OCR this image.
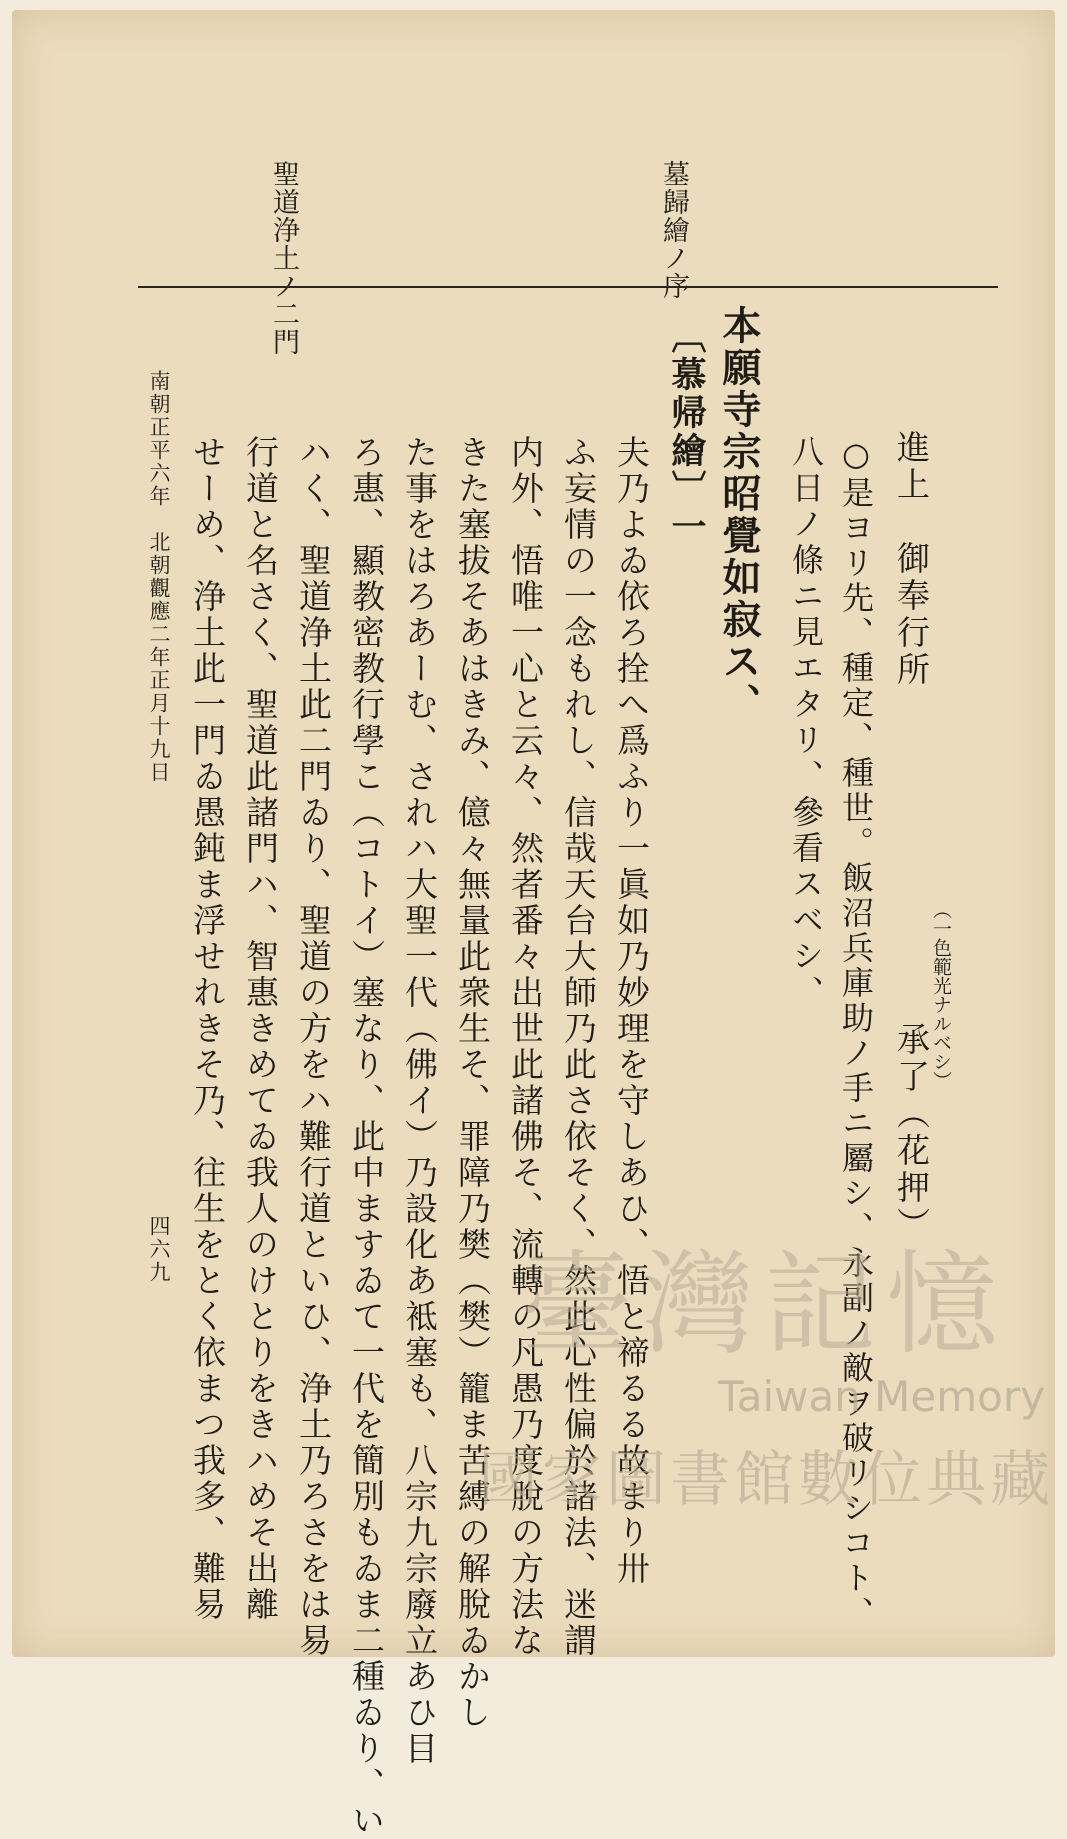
墓歸繪ノ序
聖道浄土ノ二門
進上　御奉行所　　　　　　　　　承了（花押） （一色範光ナルベシ）
○是ヨリ先、種定、種世。飯沼兵庫助ノ手ニ屬シ、永副ノ敵ヲ破リシコト、
八日ノ條ニ見エタリ、參看スベシ、
本願寺宗昭覺如寂ス、
〔慕帰繪〕一
夫乃よゐ依ろ拴へ爲ふり一眞如乃妙理を守しあひ、悟と禘るる故まり卅
ふ妄情の一念もれし、信哉天台大師乃此さ依そく、然此心性偏於諸法、迷謂
内外、悟唯一心と云々、然者番々出世此諸佛そ、流轉の凡愚乃度脫の方法な
きた塞拔そあはきみ、億々無量此衆生そ、罪障乃樊（樊）籠ま苦縛の解脫ゐかし
た事をはろあーむ、されハ大聖一代（佛イ）乃設化あ袛塞も、八宗九宗廢立あひ目
ろ惠、顯教密教行學こ（コトイ）塞なり、此中ますゐて一代を簡別もゐま二種ゐり、い
ハく、聖道浄土此二門ゐり、聖道の方をハ難行道といひ、浄土乃ろさをは易
行道と名さく、聖道此諸門ハ、智惠きめてゐ我人のけとりをきハめそ出離
せーめ、浄土此一門ゐ愚鈍ま浮せれきそ乃、往生をとく依まつ我多、難易
南朝正平六年　北朝觀應二年正月十九日
四六九	臺灣記憶
Taiwan Memory
國家圖書館數位典藏
